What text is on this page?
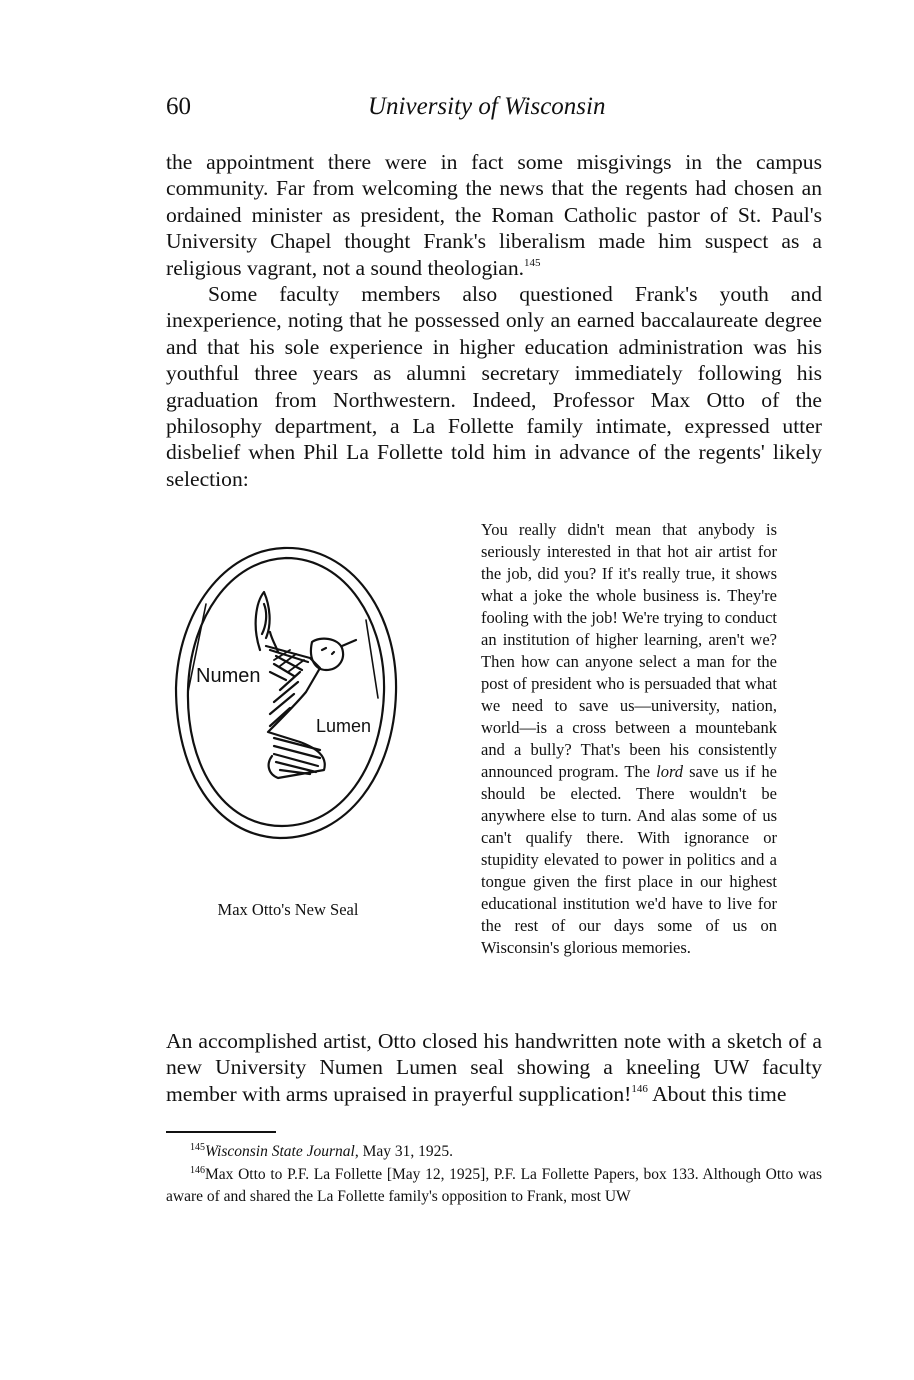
60	University of Wisconsin

the appointment there were in fact some misgivings in the campus community. Far from welcoming the news that the regents had chosen an ordained minister as president, the Roman Catholic pastor of St. Paul's University Chapel thought Frank's liberalism made him suspect as a religious vagrant, not a sound theologian.$^{145}$

Some faculty members also questioned Frank's youth and inexperience, noting that he possessed only an earned baccalaureate degree and that his sole experience in higher education administration was his youthful three years as alumni secretary immediately following his graduation from Northwestern. Indeed, Professor Max Otto of the philosophy department, a La Follette family intimate, expressed utter disbelief when Phil La Follette told him in advance of the regents' likely selection:

Numen
Lumen
Max Otto's New Seal

You really didn't mean that anybody is seriously interested in that hot air artist for the job, did you? If it's really true, it shows what a joke the whole business is. They're fooling with the job! We're trying to conduct an institution of higher learning, aren't we? Then how can anyone select a man for the post of president who is persuaded that what we need to save us—university, nation, world—is a cross between a mountebank and a bully? That's been his consistently announced program. The lord save us if he should be elected. There wouldn't be anywhere else to turn. And alas some of us can't qualify there. With ignorance or stupidity elevated to power in politics and a tongue given the first place in our highest educational institution we'd have to live for the rest of our days some of us on Wisconsin's glorious memories.

An accomplished artist, Otto closed his handwritten note with a sketch of a new University Numen Lumen seal showing a kneeling UW faculty member with arms upraised in prayerful supplication!$^{146}$ About this time

$^{145}$Wisconsin State Journal, May 31, 1925.

$^{146}$Max Otto to P.F. La Follette [May 12, 1925], P.F. La Follette Papers, box 133. Although Otto was aware of and shared the La Follette family's opposition to Frank, most UW
